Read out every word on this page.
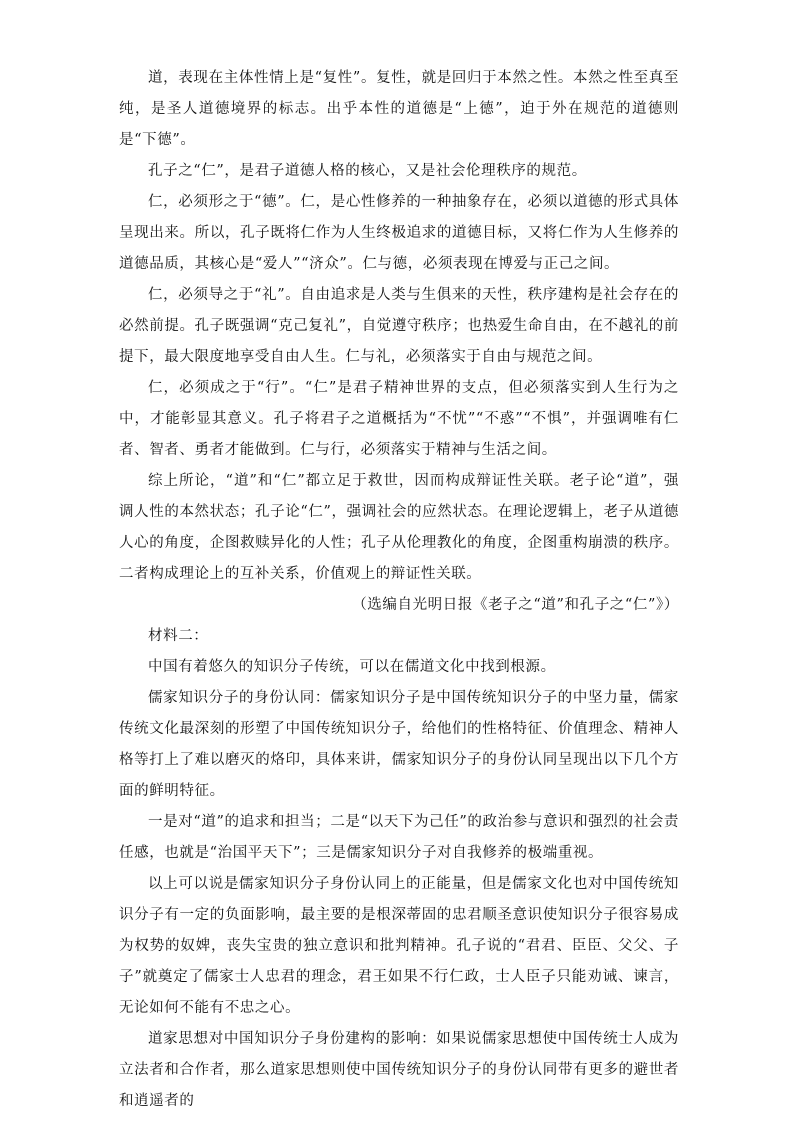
道，表现在主体性情上是“复性”。复性，就是回归于本然之性。本然之性至真至纯，是圣人道德境界的标志。出乎本性的道德是“上德”，迫于外在规范的道德则是“下德”。

孔子之“仁”，是君子道德人格的核心，又是社会伦理秩序的规范。

仁，必须形之于“德”。仁，是心性修养的一种抽象存在，必须以道德的形式具体呈现出来。所以，孔子既将仁作为人生终极追求的道德目标，又将仁作为人生修养的道德品质，其核心是“爱人”“济众”。仁与德，必须表现在博爱与正己之间。

仁，必须导之于“礼”。自由追求是人类与生俱来的天性，秩序建构是社会存在的必然前提。孔子既强调“克己复礼”，自觉遵守秩序；也热爱生命自由，在不越礼的前提下，最大限度地享受自由人生。仁与礼，必须落实于自由与规范之间。

仁，必须成之于“行”。“仁”是君子精神世界的支点，但必须落实到人生行为之中，才能彰显其意义。孔子将君子之道概括为“不忧”“不惑”“不惧”，并强调唯有仁者、智者、勇者才能做到。仁与行，必须落实于精神与生活之间。

综上所论，“道”和“仁”都立足于救世，因而构成辩证性关联。老子论“道”，强调人性的本然状态；孔子论“仁”，强调社会的应然状态。在理论逻辑上，老子从道德人心的角度，企图救赎异化的人性；孔子从伦理教化的角度，企图重构崩溃的秩序。二者构成理论上的互补关系，价值观上的辩证性关联。

（选编自光明日报《老子之“道”和孔子之“仁”》）

材料二：

中国有着悠久的知识分子传统，可以在儒道文化中找到根源。

儒家知识分子的身份认同：儒家知识分子是中国传统知识分子的中坚力量，儒家传统文化最深刻的形塑了中国传统知识分子，给他们的性格特征、价值理念、精神人格等打上了难以磨灭的烙印，具体来讲，儒家知识分子的身份认同呈现出以下几个方面的鲜明特征。

一是对“道”的追求和担当；二是“以天下为己任”的政治参与意识和强烈的社会责任感，也就是“治国平天下”；三是儒家知识分子对自我修养的极端重视。

以上可以说是儒家知识分子身份认同上的正能量，但是儒家文化也对中国传统知识分子有一定的负面影响，最主要的是根深蒂固的忠君顺圣意识使知识分子很容易成为权势的奴婢，丧失宝贵的独立意识和批判精神。孔子说的“君君、臣臣、父父、子子”就奠定了儒家士人忠君的理念，君王如果不行仁政，士人臣子只能劝诫、谏言，无论如何不能有不忠之心。

道家思想对中国知识分子身份建构的影响：如果说儒家思想使中国传统士人成为立法者和合作者，那么道家思想则使中国传统知识分子的身份认同带有更多的避世者和逍遥者的
